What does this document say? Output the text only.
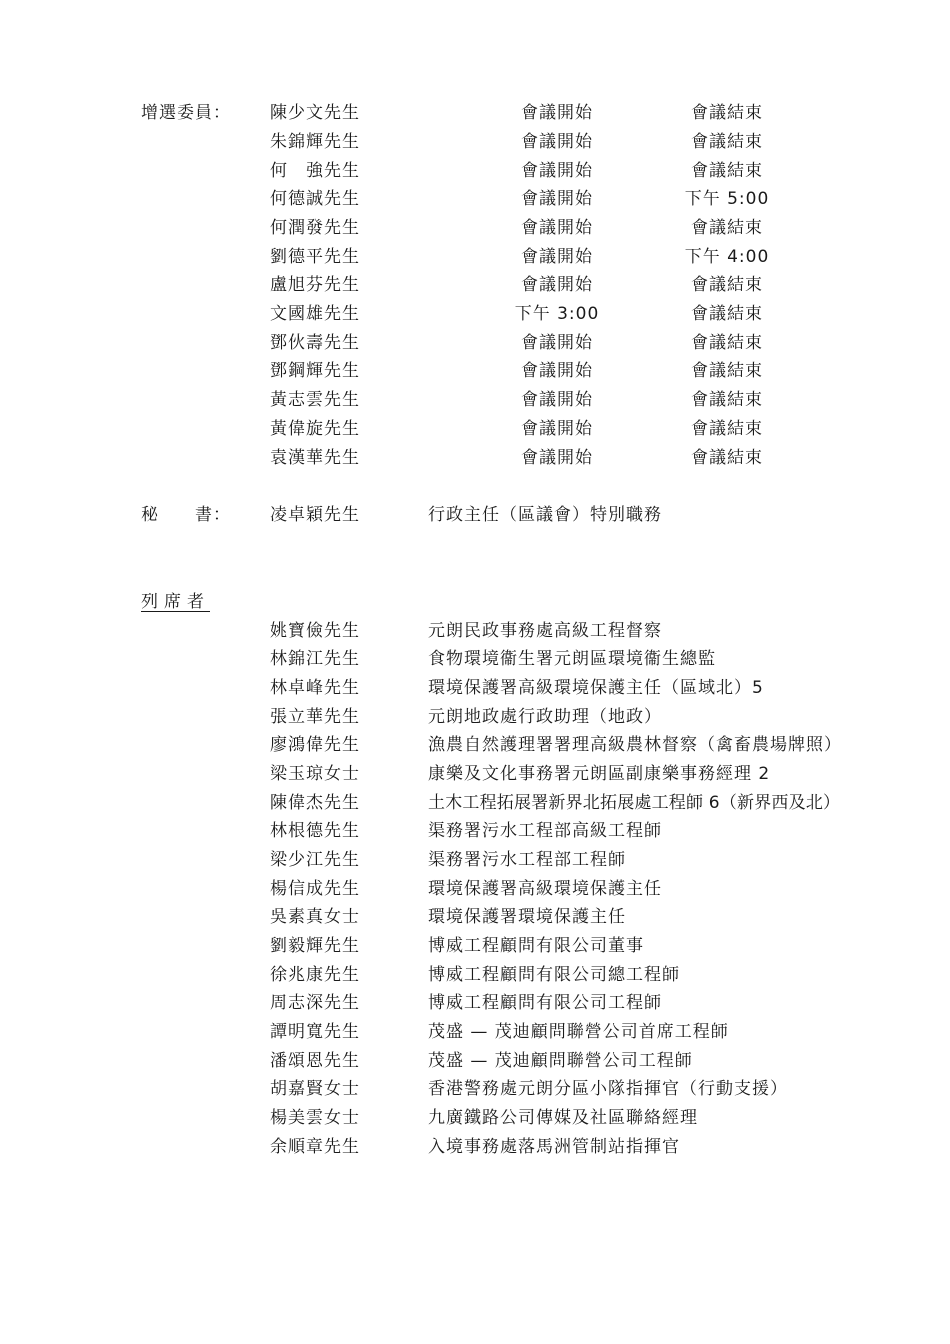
增選委員： 陳少文先生	會議開始	會議結束
朱錦輝先生	會議開始	會議結束
何　強先生	會議開始	會議結束
何德誠先生	會議開始	下午 5:00
何潤發先生	會議開始	會議結束
劉德平先生	會議開始	下午 4:00
盧旭芬先生	會議開始	會議結束
文國雄先生	下午 3:00	會議結束
鄧伙壽先生	會議開始	會議結束
鄧鋼輝先生	會議開始	會議結束
黃志雲先生	會議開始	會議結束
黃偉旋先生	會議開始	會議結束
袁漢華先生	會議開始	會議結束
秘　　書： 凌卓穎先生	行政主任（區議會）特別職務
列席者
姚寶儉先生	元朗民政事務處高級工程督察
林錦江先生	食物環境衞生署元朗區環境衞生總監
林卓峰先生	環境保護署高級環境保護主任（區域北）5
張立華先生	元朗地政處行政助理（地政）
廖鴻偉先生	漁農自然護理署署理高級農林督察（禽畜農場牌照）
梁玉琼女士	康樂及文化事務署元朗區副康樂事務經理 2
陳偉杰先生	土木工程拓展署新界北拓展處工程師 6（新界西及北）
林根德先生	渠務署污水工程部高級工程師
梁少江先生	渠務署污水工程部工程師
楊信成先生	環境保護署高級環境保護主任
吳素真女士	環境保護署環境保護主任
劉毅輝先生	博威工程顧問有限公司董事
徐兆康先生	博威工程顧問有限公司總工程師
周志深先生	博威工程顧問有限公司工程師
譚明寬先生	茂盛 — 茂迪顧問聯營公司首席工程師
潘頌恩先生	茂盛 — 茂迪顧問聯營公司工程師
胡嘉賢女士	香港警務處元朗分區小隊指揮官（行動支援）
楊美雲女士	九廣鐵路公司傳媒及社區聯絡經理
余順章先生	入境事務處落馬洲管制站指揮官
